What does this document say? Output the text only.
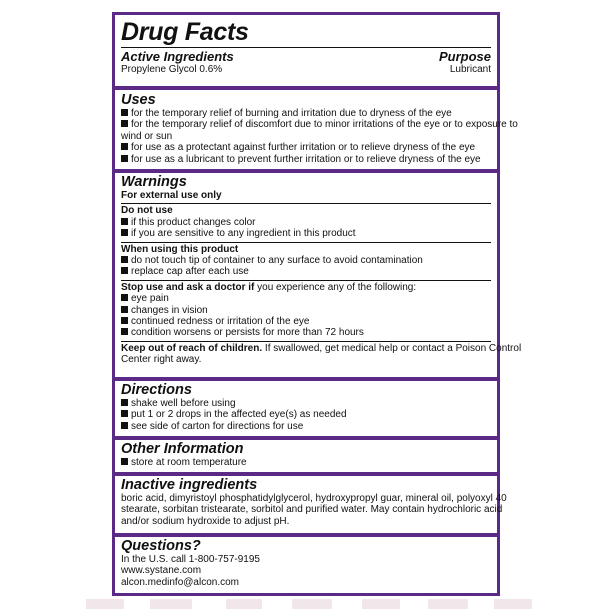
Drug Facts
Active Ingredients	Purpose
Propylene Glycol 0.6%	Lubricant
Uses
for the temporary relief of burning and irritation due to dryness of the eye
for the temporary relief of discomfort due to minor irritations of the eye or to exposure to
wind or sun
for use as a protectant against further irritation or to relieve dryness of the eye
for use as a lubricant to prevent further irritation or to relieve dryness of the eye
Warnings
For external use only
Do not use
if this product changes color
if you are sensitive to any ingredient in this product
When using this product
do not touch tip of container to any surface to avoid contamination
replace cap after each use
Stop use and ask a doctor if you experience any of the following:
eye pain
changes in vision
continued redness or irritation of the eye
condition worsens or persists for more than 72 hours
Keep out of reach of children. If swallowed, get medical help or contact a Poison Control
Center right away.
Directions
shake well before using
put 1 or 2 drops in the affected eye(s) as needed
see side of carton for directions for use
Other Information
store at room temperature
Inactive ingredients
boric acid, dimyristoyl phosphatidylglycerol, hydroxypropyl guar, mineral oil, polyoxyl 40
stearate, sorbitan tristearate, sorbitol and purified water. May contain hydrochloric acid
and/or sodium hydroxide to adjust pH.
Questions?
In the U.S. call 1-800-757-9195
www.systane.com
alcon.medinfo@alcon.com
